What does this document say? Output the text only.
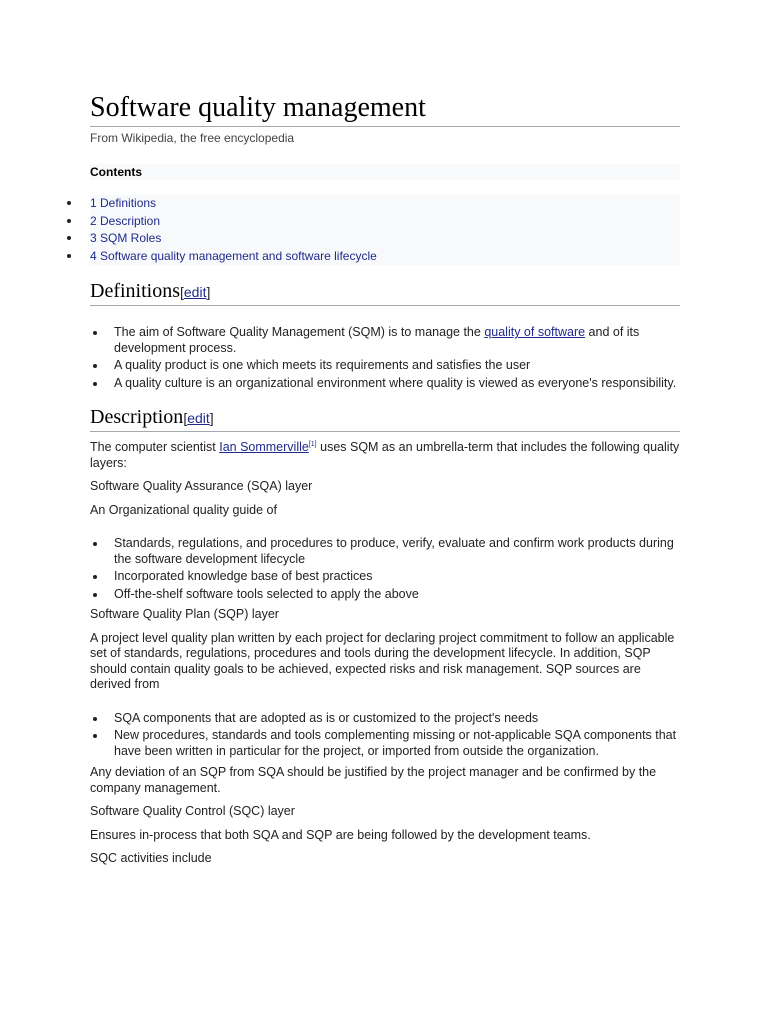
Software quality management

From Wikipedia, the free encyclopedia

Contents
1 Definitions
2 Description
3 SQM Roles
4 Software quality management and software lifecycle
Definitions[edit]
The aim of Software Quality Management (SQM) is to manage the quality of software and of its development process.
A quality product is one which meets its requirements and satisfies the user
A quality culture is an organizational environment where quality is viewed as everyone's responsibility.
Description[edit]

The computer scientist Ian Sommerville[1] uses SQM as an umbrella-term that includes the following quality layers:

Software Quality Assurance (SQA) layer

An Organizational quality guide of

Standards, regulations, and procedures to produce, verify, evaluate and confirm work products during the software development lifecycle
Incorporated knowledge base of best practices
Off-the-shelf software tools selected to apply the above

Software Quality Plan (SQP) layer

A project level quality plan written by each project for declaring project commitment to follow an applicable set of standards, regulations, procedures and tools during the development lifecycle. In addition, SQP should contain quality goals to be achieved, expected risks and risk management. SQP sources are derived from

SQA components that are adopted as is or customized to the project's needs
New procedures, standards and tools complementing missing or not-applicable SQA components that have been written in particular for the project, or imported from outside the organization.

Any deviation of an SQP from SQA should be justified by the project manager and be confirmed by the company management.

Software Quality Control (SQC) layer

Ensures in-process that both SQA and SQP are being followed by the development teams.

SQC activities include
